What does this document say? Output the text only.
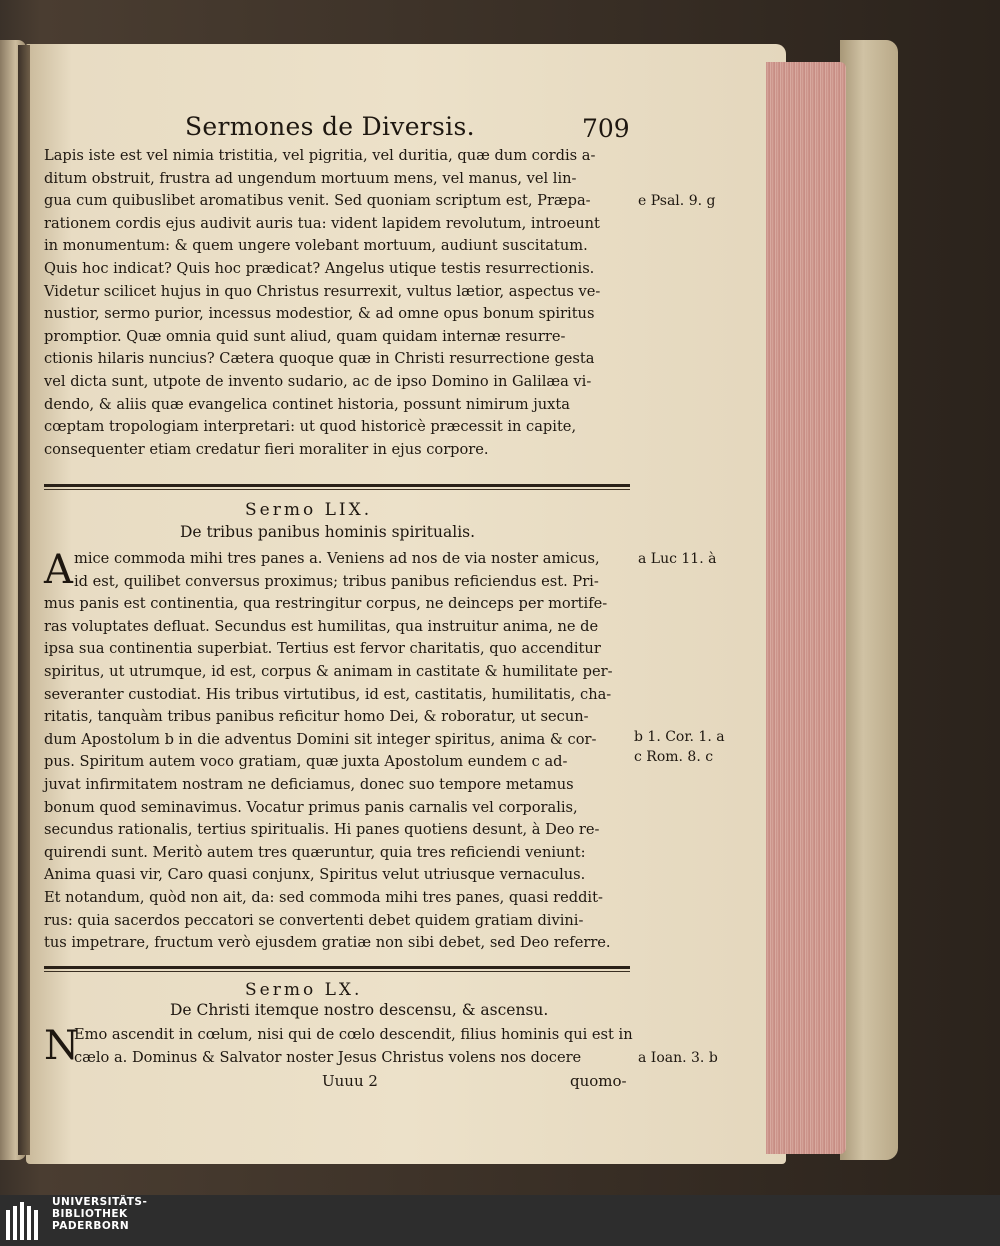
Sermones de Diversis.	709
Lapis iste est vel nimia tristitia, vel pigritia, vel duritia, quæ dum cordis a-
ditum obstruit, frustra ad ungendum mortuum mens, vel manus, vel lin-
gua cum quibuslibet aromatibus venit. Sed quoniam scriptum est, Præpa-
rationem cordis ejus audivit auris tua: vident lapidem revolutum, introeunt
in monumentum: & quem ungere volebant mortuum, audiunt suscitatum.
Quis hoc indicat? Quis hoc prædicat? Angelus utique testis resurrectionis.
Videtur scilicet hujus in quo Christus resurrexit, vultus lætior, aspectus ve-
nustior, sermo purior, incessus modestior, & ad omne opus bonum spiritus
promptior. Quæ omnia quid sunt aliud, quam quidam internæ resurre-
ctionis hilaris nuncius? Cætera quoque quæ in Christi resurrectione gesta
vel dicta sunt, utpote de invento sudario, ac de ipso Domino in Galilæa vi-
dendo, & aliis quæ evangelica continet historia, possunt nimirum juxta
cœptam tropologiam interpretari: ut quod historicè præcessit in capite,
consequenter etiam credatur fieri moraliter in ejus corpore.
Sermo LIX.
De tribus panibus hominis spiritualis.
A mice commoda mihi tres panes a. Veniens ad nos de via noster amicus,
id est, quilibet conversus proximus; tribus panibus reficiendus est. Pri-
mus panis est continentia, qua restringitur corpus, ne deinceps per mortife-
ras voluptates defluat. Secundus est humilitas, qua instruitur anima, ne de
ipsa sua continentia superbiat. Tertius est fervor charitatis, quo accenditur
spiritus, ut utrumque, id est, corpus & animam in castitate & humilitate per-
severanter custodiat. His tribus virtutibus, id est, castitatis, humilitatis, cha-
ritatis, tanquàm tribus panibus reficitur homo Dei, & roboratur, ut secun-
dum Apostolum b in die adventus Domini sit integer spiritus, anima & cor-
pus. Spiritum autem voco gratiam, quæ juxta Apostolum eundem c ad-
juvat infirmitatem nostram ne deficiamus, donec suo tempore metamus
bonum quod seminavimus. Vocatur primus panis carnalis vel corporalis,
secundus rationalis, tertius spiritualis. Hi panes quotiens desunt, à Deo re-
quirendi sunt. Meritò autem tres quæruntur, quia tres reficiendi veniunt:
Anima quasi vir, Caro quasi conjunx, Spiritus velut utriusque vernaculus.
Et notandum, quòd non ait, da: sed commoda mihi tres panes, quasi reddit-
rus: quia sacerdos peccatori se convertenti debet quidem gratiam divini-
tus impetrare, fructum verò ejusdem gratiæ non sibi debet, sed Deo referre.
Sermo LX.
De Christi itemque nostro descensu, & ascensu.
N
Emo ascendit in cœlum, nisi qui de cœlo descendit, filius hominis qui est in
cælo a. Dominus & Salvator noster Jesus Christus volens nos docere
e Psal. 9. g
a Luc 11. à
b 1. Cor. 1. a
c Rom. 8. c
a Ioan. 3. b
Uuuu 2	quomo-
UNIVERSITÄTS-
BIBLIOTHEK
PADERBORN
